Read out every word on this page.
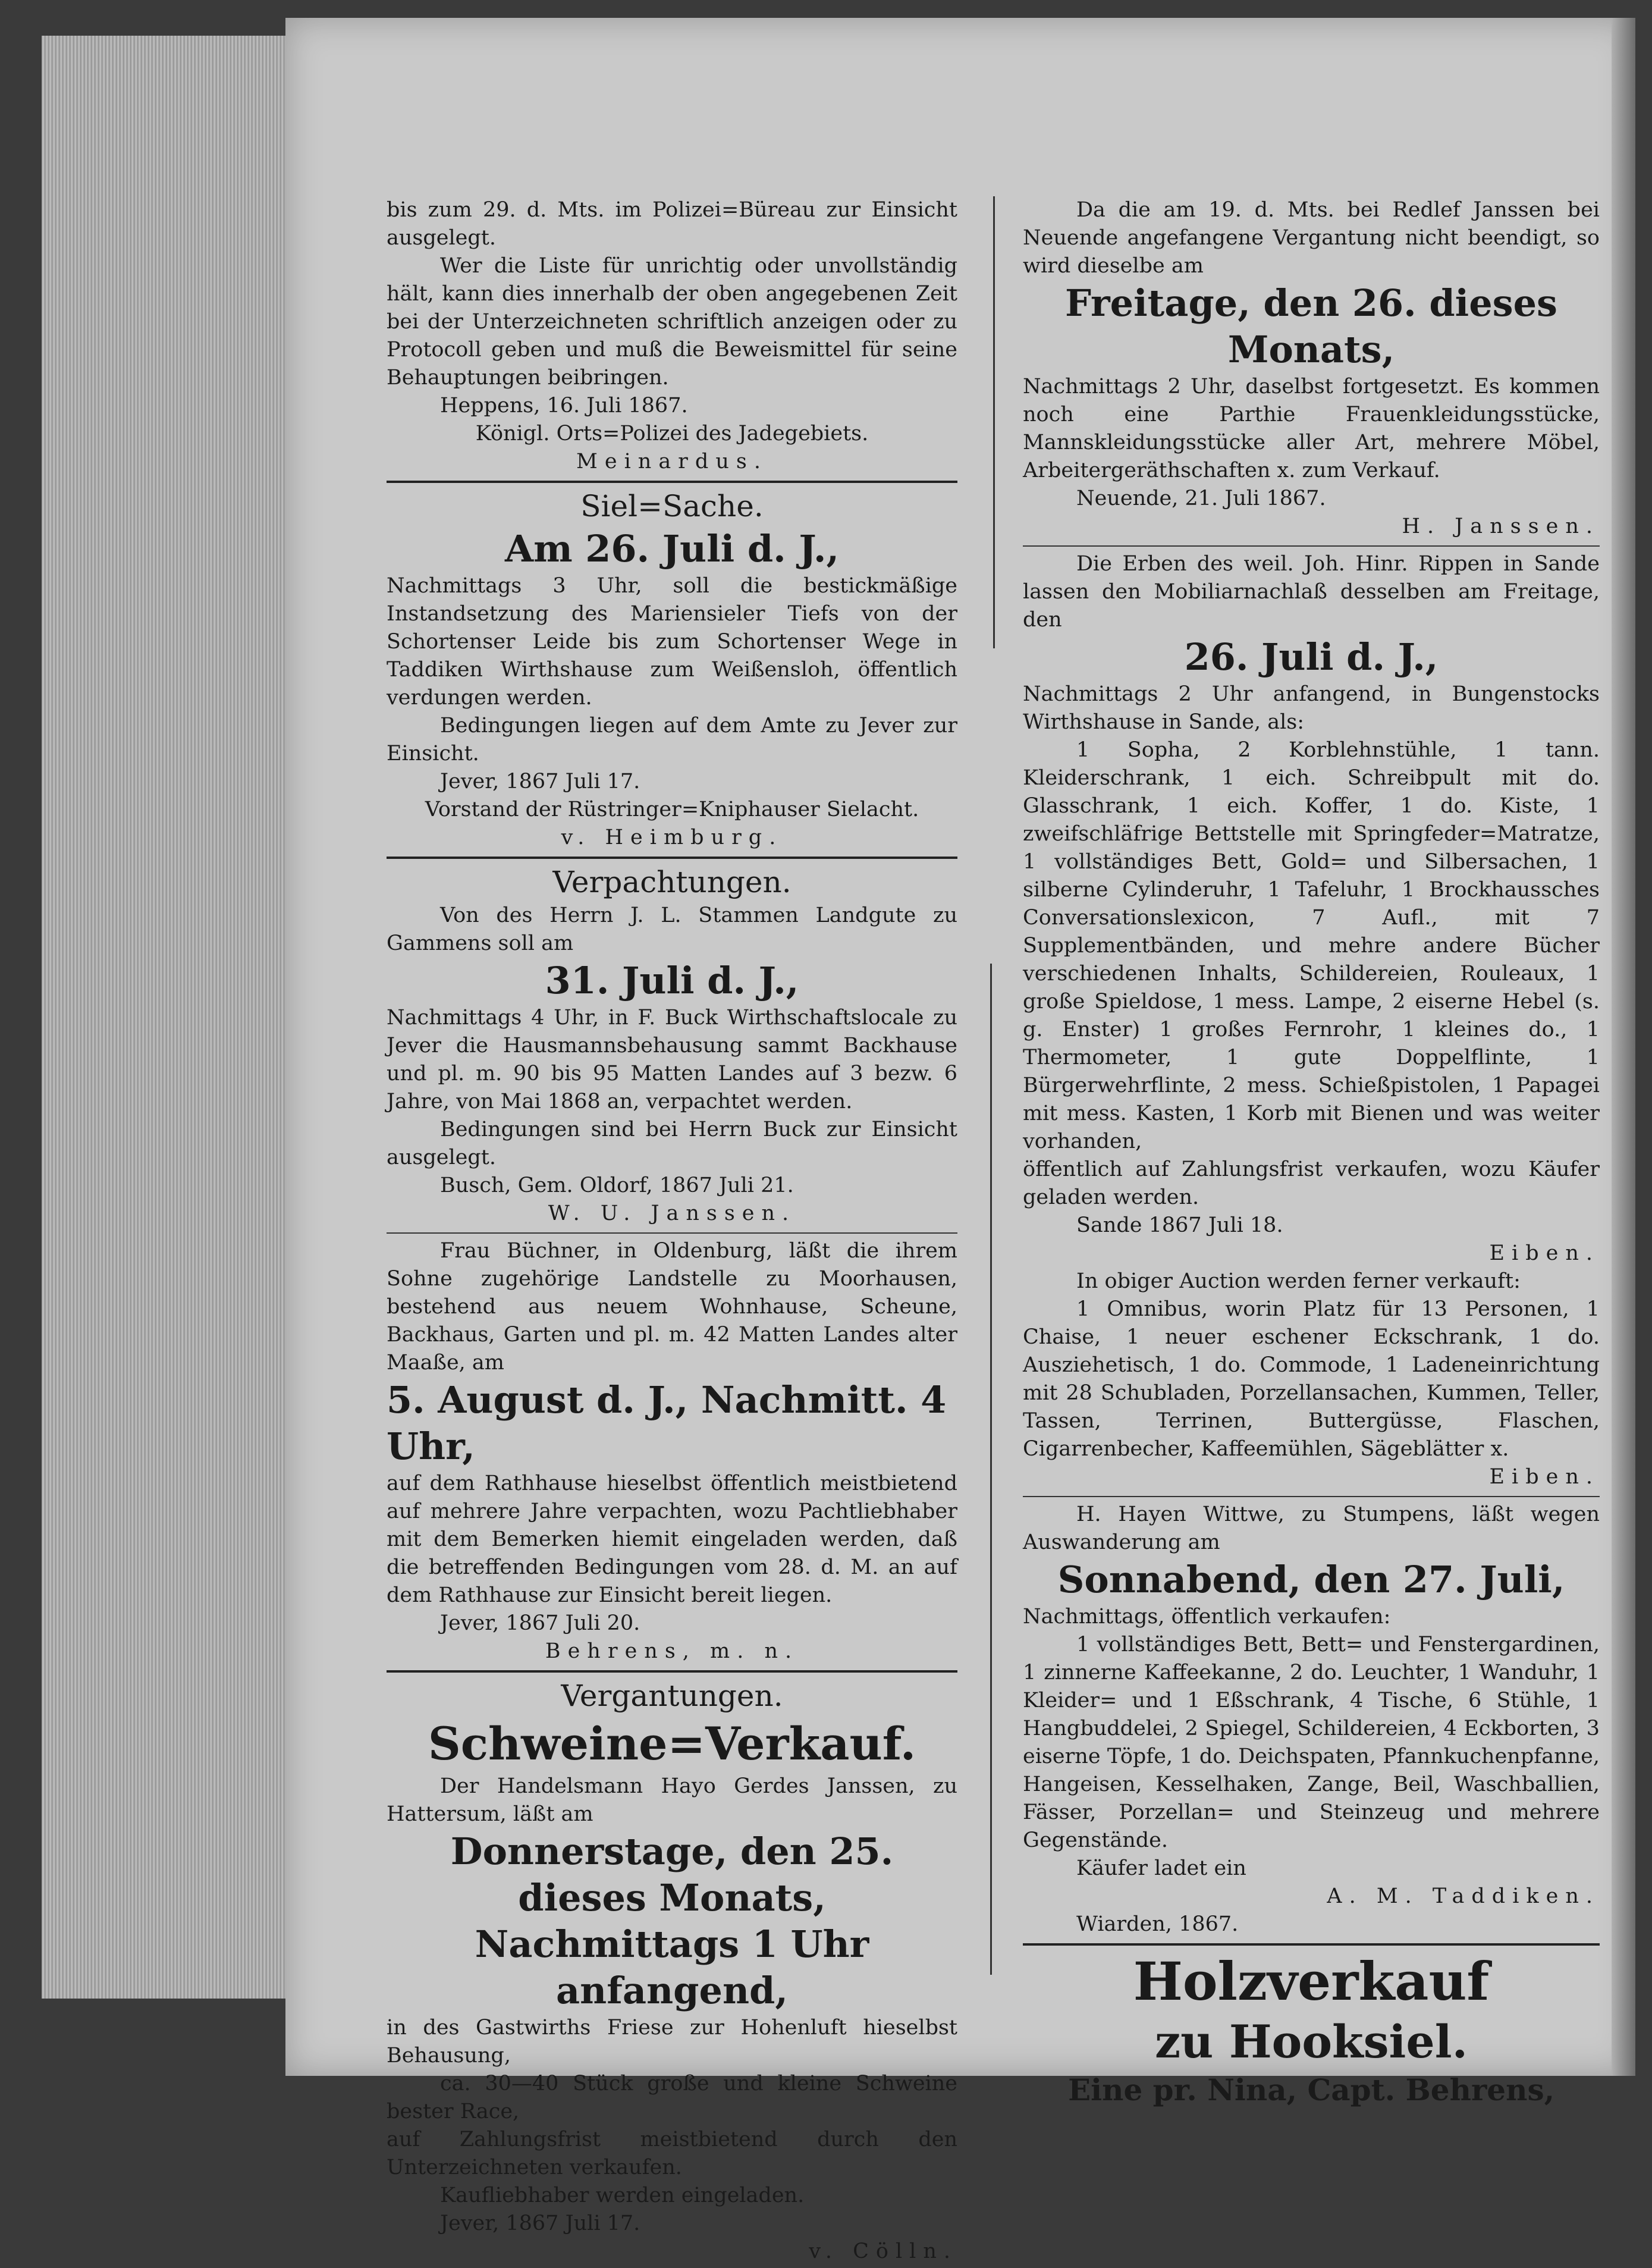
bis zum 29. d. Mts. im Polizei=Büreau zur Einsicht ausgelegt.

Wer die Liste für unrichtig oder unvollständig hält, kann dies innerhalb der oben angegebenen Zeit bei der Unterzeichneten schriftlich anzeigen oder zu Protocoll geben und muß die Beweismittel für seine Behauptungen beibringen.

Heppens, 16. Juli 1867.

Königl. Orts=Polizei des Jadegebiets.

Meinardus.

Siel=Sache.
Am 26. Juli d. J.,

Nachmittags 3 Uhr, soll die bestickmäßige Instandsetzung des Mariensieler Tiefs von der Schortenser Leide bis zum Schortenser Wege in Taddiken Wirthshause zum Weißensloh, öffentlich verdungen werden.

Bedingungen liegen auf dem Amte zu Jever zur Einsicht.

Jever, 1867 Juli 17.

Vorstand der Rüstringer=Kniphauser Sielacht.

v. Heimburg.

Verpachtungen.

Von des Herrn J. L. Stammen Landgute zu Gammens soll am

31. Juli d. J.,

Nachmittags 4 Uhr, in F. Buck Wirthschaftslocale zu Jever die Hausmannsbehausung sammt Backhause und pl. m. 90 bis 95 Matten Landes auf 3 bezw. 6 Jahre, von Mai 1868 an, verpachtet werden.

Bedingungen sind bei Herrn Buck zur Einsicht ausgelegt.

Busch, Gem. Oldorf, 1867 Juli 21.

W. U. Janssen.

Frau Büchner, in Oldenburg, läßt die ihrem Sohne zugehörige Landstelle zu Moorhausen, bestehend aus neuem Wohnhause, Scheune, Backhaus, Garten und pl. m. 42 Matten Landes alter Maaße, am

5. August d. J., Nachmitt. 4 Uhr,

auf dem Rathhause hieselbst öffentlich meistbietend auf mehrere Jahre verpachten, wozu Pachtliebhaber mit dem Bemerken hiemit eingeladen werden, daß die betreffenden Bedingungen vom 28. d. M. an auf dem Rathhause zur Einsicht bereit liegen.

Jever, 1867 Juli 20.

Behrens, m. n.

Vergantungen.
Schweine=Verkauf.

Der Handelsmann Hayo Gerdes Janssen, zu Hattersum, läßt am

Donnerstage, den 25. dieses Monats,
Nachmittags 1 Uhr anfangend,

in des Gastwirths Friese zur Hohenluft hieselbst Behausung,

ca. 30—40 Stück große und kleine Schweine bester Race,

auf Zahlungsfrist meistbietend durch den Unterzeichneten verkaufen.

Kaufliebhaber werden eingeladen.

Jever, 1867 Juli 17.

v. Cölln.

Da die am 19. d. Mts. bei Redlef Janssen bei Neuende angefangene Vergantung nicht beendigt, so wird dieselbe am

Freitage, den 26. dieses Monats,

Nachmittags 2 Uhr, daselbst fortgesetzt. Es kommen noch eine Parthie Frauenkleidungsstücke, Mannskleidungsstücke aller Art, mehrere Möbel, Arbeitergeräthschaften x. zum Verkauf.

Neuende, 21. Juli 1867.

H. Janssen.

Die Erben des weil. Joh. Hinr. Rippen in Sande lassen den Mobiliarnachlaß desselben am Freitage, den

26. Juli d. J.,

Nachmittags 2 Uhr anfangend, in Bungenstocks Wirthshause in Sande, als:

1 Sopha, 2 Korblehnstühle, 1 tann. Kleiderschrank, 1 eich. Schreibpult mit do. Glasschrank, 1 eich. Koffer, 1 do. Kiste, 1 zweifschläfrige Bettstelle mit Springfeder=Matratze, 1 vollständiges Bett, Gold= und Silbersachen, 1 silberne Cylinderuhr, 1 Tafeluhr, 1 Brockhaussches Conversationslexicon, 7 Aufl., mit 7 Supplementbänden, und mehre andere Bücher verschiedenen Inhalts, Schildereien, Rouleaux, 1 große Spieldose, 1 mess. Lampe, 2 eiserne Hebel (s. g. Enster) 1 großes Fernrohr, 1 kleines do., 1 Thermometer, 1 gute Doppelflinte, 1 Bürgerwehrflinte, 2 mess. Schießpistolen, 1 Papagei mit mess. Kasten, 1 Korb mit Bienen und was weiter vorhanden,

öffentlich auf Zahlungsfrist verkaufen, wozu Käufer geladen werden.

Sande 1867 Juli 18.

Eiben.

In obiger Auction werden ferner verkauft:

1 Omnibus, worin Platz für 13 Personen, 1 Chaise, 1 neuer eschener Eckschrank, 1 do. Ausziehetisch, 1 do. Commode, 1 Ladeneinrichtung mit 28 Schubladen, Porzellansachen, Kummen, Teller, Tassen, Terrinen, Buttergüsse, Flaschen, Cigarrenbecher, Kaffeemühlen, Sägeblätter x.

Eiben.

H. Hayen Wittwe, zu Stumpens, läßt wegen Auswanderung am

Sonnabend, den 27. Juli,

Nachmittags, öffentlich verkaufen:

1 vollständiges Bett, Bett= und Fenstergardinen, 1 zinnerne Kaffeekanne, 2 do. Leuchter, 1 Wanduhr, 1 Kleider= und 1 Eßschrank, 4 Tische, 6 Stühle, 1 Hangbuddelei, 2 Spiegel, Schildereien, 4 Eckborten, 3 eiserne Töpfe, 1 do. Deichspaten, Pfannkuchenpfanne, Hangeisen, Kesselhaken, Zange, Beil, Waschballien, Fässer, Porzellan= und Steinzeug und mehrere Gegenstände.

Käufer ladet ein

A. M. Taddiken.

Wiarden, 1867.

Holzverkauf
zu Hooksiel.
Eine pr. Nina, Capt. Behrens,
